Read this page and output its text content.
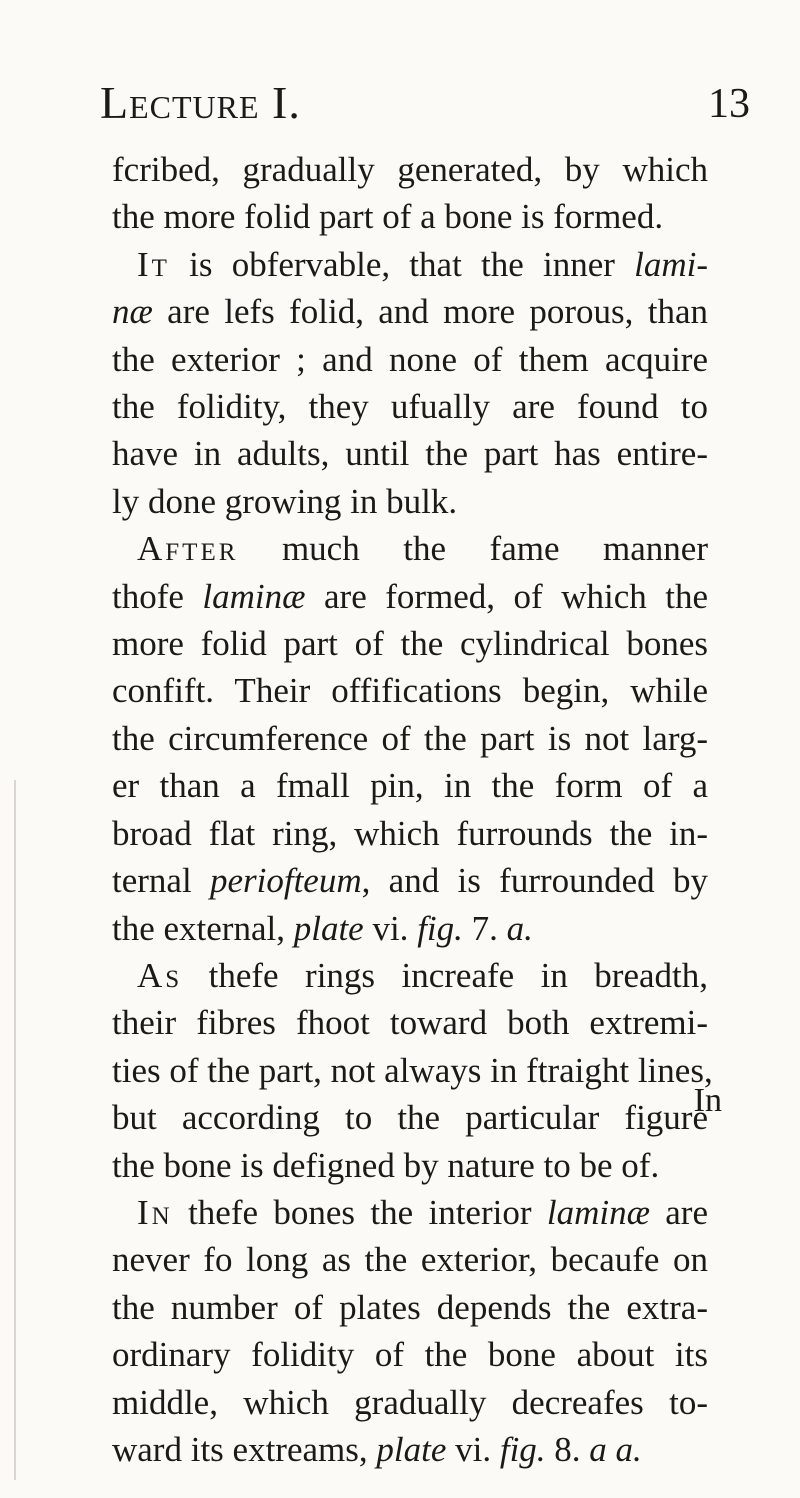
Lecture I.	13
fcribed, gradually generated, by which
the more folid part of a bone is formed.
It is obfervable, that the inner lami-
næ are lefs folid, and more porous, than
the exterior ; and none of them acquire
the folidity, they ufually are found to
have in adults, until the part has entire-
ly done growing in bulk.
After much the fame manner
thofe laminæ are formed, of which the
more folid part of the cylindrical bones
confift. Their offifications begin, while
the circumference of the part is not larg-
er than a fmall pin, in the form of a
broad flat ring, which furrounds the in-
ternal periofteum, and is furrounded by
the external, plate vi. fig. 7. a.
As thefe rings increafe in breadth,
their fibres fhoot toward both extremi-
ties of the part, not always in ftraight lines,
but according to the particular figure
the bone is defigned by nature to be of.
In thefe bones the interior laminæ are
never fo long as the exterior, becaufe on
the number of plates depends the extra-
ordinary folidity of the bone about its
middle, which gradually decreafes to-
ward its extreams, plate vi. fig. 8. a a.
In
